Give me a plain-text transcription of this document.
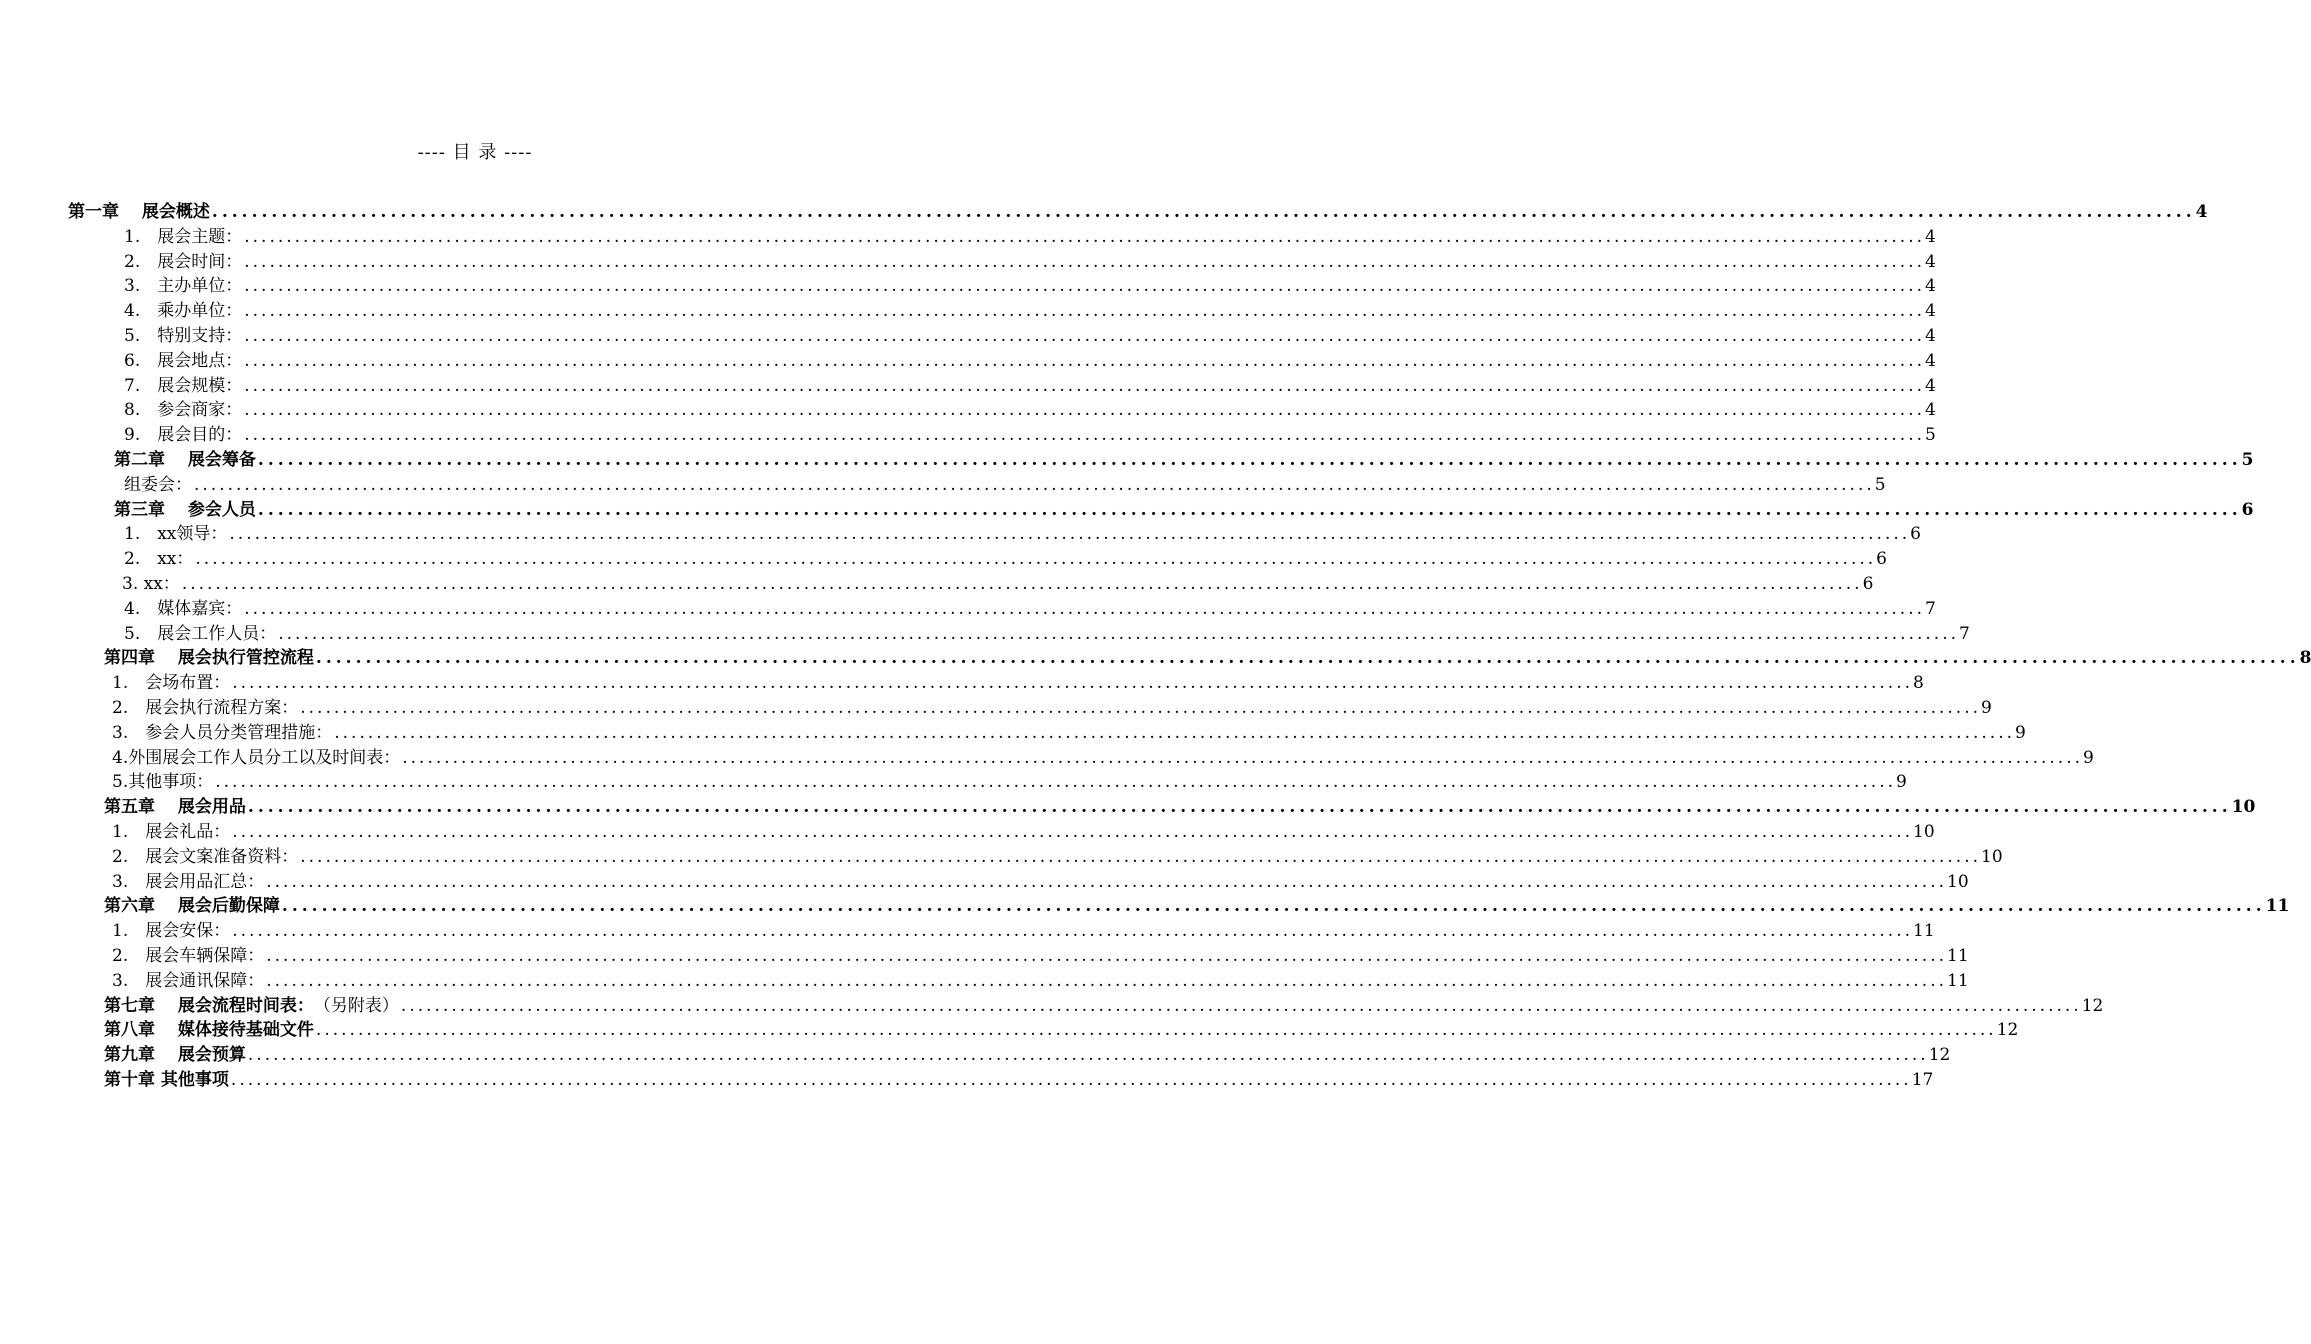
---- 目 录 ----
第一章　 展会概述 ........................................................................................................................................................................................................ 4
1.　展会主题： ........................................................................................................................................................................................................ 4
2.　展会时间： ........................................................................................................................................................................................................ 4
3.　主办单位： ........................................................................................................................................................................................................ 4
4.　乘办单位： ........................................................................................................................................................................................................ 4
5.　特别支持： ........................................................................................................................................................................................................ 4
6.　展会地点： ........................................................................................................................................................................................................ 4
7.　展会规模： ........................................................................................................................................................................................................ 4
8.　参会商家： ........................................................................................................................................................................................................ 4
9.　展会目的： ........................................................................................................................................................................................................ 5
第二章　 展会筹备 ........................................................................................................................................................................................................ 5
组委会： ........................................................................................................................................................................................................ 5
第三章　 参会人员 ........................................................................................................................................................................................................ 6
1.　xx领导： ........................................................................................................................................................................................................ 6
2.　xx： ........................................................................................................................................................................................................ 6
3. xx： ........................................................................................................................................................................................................ 6
4.　媒体嘉宾： ........................................................................................................................................................................................................ 7
5.　展会工作人员： ........................................................................................................................................................................................................ 7
第四章　 展会执行管控流程 ........................................................................................................................................................................................................ 8
1.　会场布置： ........................................................................................................................................................................................................ 8
2.　展会执行流程方案： ........................................................................................................................................................................................................ 9
3.　参会人员分类管理措施： ........................................................................................................................................................................................................ 9
4.外围展会工作人员分工以及时间表： ........................................................................................................................................................................................................ 9
5.其他事项： ........................................................................................................................................................................................................ 9
第五章　 展会用品 ........................................................................................................................................................................................................ 10
1.　展会礼品： ........................................................................................................................................................................................................ 10
2.　展会文案准备资料： ........................................................................................................................................................................................................ 10
3.　展会用品汇总： ........................................................................................................................................................................................................ 10
第六章　 展会后勤保障 ........................................................................................................................................................................................................ 11
1.　展会安保： ........................................................................................................................................................................................................ 11
2.　展会车辆保障： ........................................................................................................................................................................................................ 11
3.　展会通讯保障： ........................................................................................................................................................................................................ 11
第七章　 展会流程时间表： （另附表） ........................................................................................................................................................................................................ 12
第八章　 媒体接待基础文件 ........................................................................................................................................................................................................ 12
第九章　 展会预算 ........................................................................................................................................................................................................ 12
第十章 其他事项 ........................................................................................................................................................................................................ 17
